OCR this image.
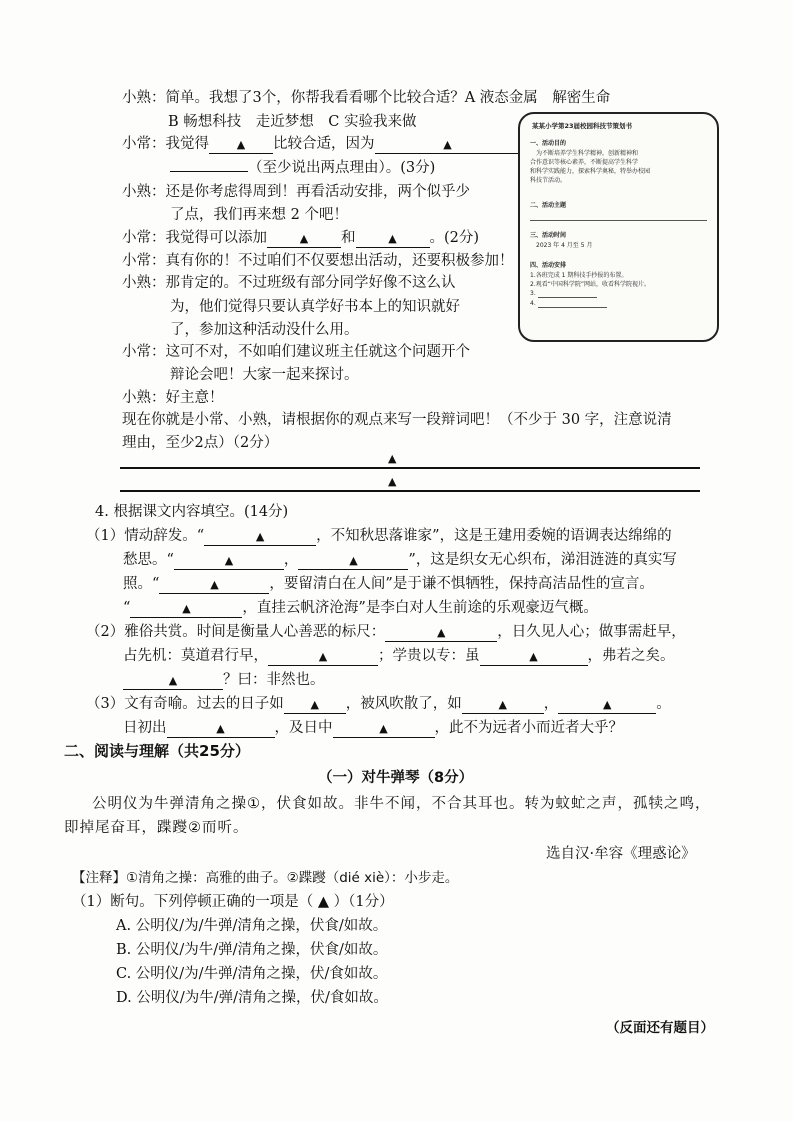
小熟：简单。我想了3个，你帮我看看哪个比较合适？A 液态金属　解密生命
B 畅想科技　走近梦想　C 实验我来做
小常：我觉得	▲ 比较合适，因为	▲
（至少说出两点理由）。(3分)
小熟：还是你考虑得周到！再看活动安排，两个似乎少
了点，我们再来想 2 个吧！
小常：我觉得可以添加	▲ 和	▲ 。(2分)
小常：真有你的！不过咱们不仅要想出活动，还要积极参加！
小熟：那肯定的。不过班级有部分同学好像不这么认
为，他们觉得只要认真学好书本上的知识就好
了，参加这种活动没什么用。
小常：这可不对，不如咱们建议班主任就这个问题开个
辩论会吧！大家一起来探讨。
小熟：好主意！
现在你就是小常、小熟，请根据你的观点来写一段辩词吧！（不少于 30 字，注意说清
理由，至少2点）（2分）
▲
▲
某某小学第23届校园科技节策划书
一、活动目的
为不断培养学生科学精神，创新精神和
合作意识等核心素养，不断提高学生科学
和科学实践能力，探索科学奥秘，特举办校园
科技节活动。
二、活动主题
三、活动时间
2023 年 4 月至 5 月
四、活动安排
1.各班完成 1 期科技手抄报的布置。
2.观看“中国科学院”网站，收看科学院视片。
3.
4.
4. 根据课文内容填空。(14分)
（1）情动辞发。“	▲	，不知秋思落谁家”，这是王建用委婉的语调表达绵绵的
愁思。“	▲	，	▲	”，这是织女无心织布，涕泪涟涟的真实写
照。“	▲	，要留清白在人间”是于谦不惧牺牲，保持高洁品性的宣言。
“	▲	，直挂云帆济沧海”是李白对人生前途的乐观豪迈气概。
（2）雅俗共赏。时间是衡量人心善恶的标尺：	▲	，日久见人心；做事需赶早，
占先机：莫道君行早，	▲	；学贵以专：虽	▲	，弗若之矣。
▲	？曰：非然也。
（3）文有奇喻。过去的日子如 ▲ ，被风吹散了，如	▲	，	▲	。
日初出	▲	，及日中	▲	，此不为远者小而近者大乎？
二、阅读与理解（共25分）
（一）对牛弹琴（8分）
公明仪为牛弹清角之操①，伏食如故。非牛不闻，不合其耳也。转为蚊虻之声，孤犊之鸣，
即掉尾奋耳，蹀躞②而听。
选自汉·牟容《理惑论》
【注释】①清角之操：高雅的曲子。②蹀躞（dié xiè）：小步走。
（1）断句。下列停顿正确的一项是（ ▲ ）（1分）
A. 公明仪/为/牛弹/清角之操，伏食/如故。
B. 公明仪/为牛/弹/清角之操，伏食/如故。
C. 公明仪/为/牛弹/清角之操，伏/食如故。
D. 公明仪/为牛/弹/清角之操，伏/食如故。
（反面还有题目）
